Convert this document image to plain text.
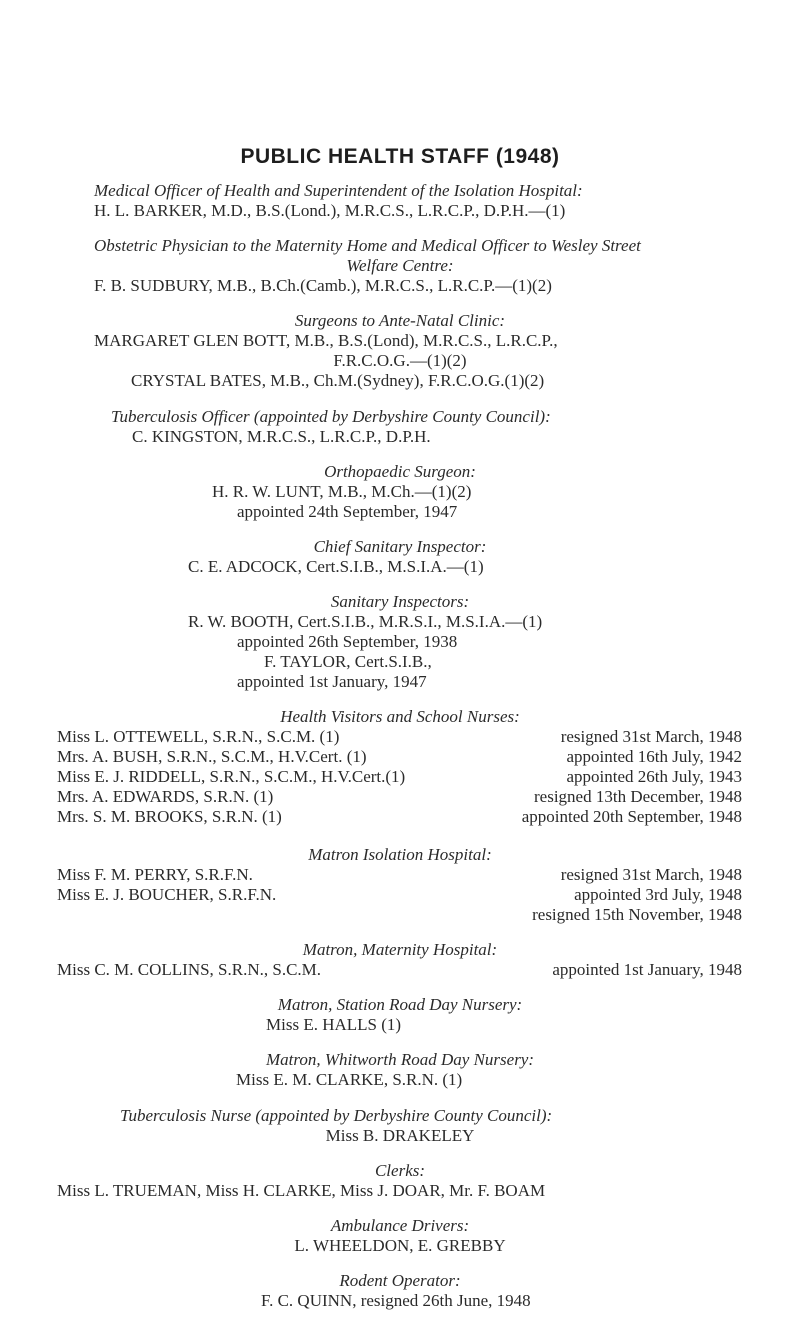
PUBLIC HEALTH STAFF (1948)
Medical Officer of Health and Superintendent of the Isolation Hospital:
H. L. BARKER, M.D., B.S.(Lond.), M.R.C.S., L.R.C.P., D.P.H.—(1)
Obstetric Physician to the Maternity Home and Medical Officer to Wesley Street
Welfare Centre:
F. B. SUDBURY, M.B., B.Ch.(Camb.), M.R.C.S., L.R.C.P.—(1)(2)
Surgeons to Ante-Natal Clinic:
MARGARET GLEN BOTT, M.B., B.S.(Lond), M.R.C.S., L.R.C.P.,
F.R.C.O.G.—(1)(2)
CRYSTAL BATES, M.B., Ch.M.(Sydney), F.R.C.O.G.(1)(2)
Tuberculosis Officer (appointed by Derbyshire County Council):
C. KINGSTON, M.R.C.S., L.R.C.P., D.P.H.
Orthopaedic Surgeon:
H. R. W. LUNT, M.B., M.Ch.—(1)(2)
appointed 24th September, 1947
Chief Sanitary Inspector:
C. E. ADCOCK, Cert.S.I.B., M.S.I.A.—(1)
Sanitary Inspectors:
R. W. BOOTH, Cert.S.I.B., M.R.S.I., M.S.I.A.—(1)
appointed 26th September, 1938
F. TAYLOR, Cert.S.I.B.,
appointed 1st January, 1947
Health Visitors and School Nurses:
Miss L. OTTEWELL, S.R.N., S.C.M. (1)	resigned 31st March, 1948
Mrs. A. BUSH, S.R.N., S.C.M., H.V.Cert. (1)	appointed 16th July, 1942
Miss E. J. RIDDELL, S.R.N., S.C.M., H.V.Cert.(1)	appointed 26th July, 1943
Mrs. A. EDWARDS, S.R.N. (1)	resigned 13th December, 1948
Mrs. S. M. BROOKS, S.R.N. (1)	appointed 20th September, 1948
Matron Isolation Hospital:
Miss F. M. PERRY, S.R.F.N.	resigned 31st March, 1948
Miss E. J. BOUCHER, S.R.F.N.	appointed 3rd July, 1948
resigned 15th November, 1948
Matron, Maternity Hospital:
Miss C. M. COLLINS, S.R.N., S.C.M.	appointed 1st January, 1948
Matron, Station Road Day Nursery:
Miss E. HALLS (1)
Matron, Whitworth Road Day Nursery:
Miss E. M. CLARKE, S.R.N. (1)
Tuberculosis Nurse (appointed by Derbyshire County Council):
Miss B. DRAKELEY
Clerks:
Miss L. TRUEMAN, Miss H. CLARKE, Miss J. DOAR, Mr. F. BOAM
Ambulance Drivers:
L. WHEELDON, E. GREBBY
Rodent Operator:
F. C. QUINN, resigned 26th June, 1948
